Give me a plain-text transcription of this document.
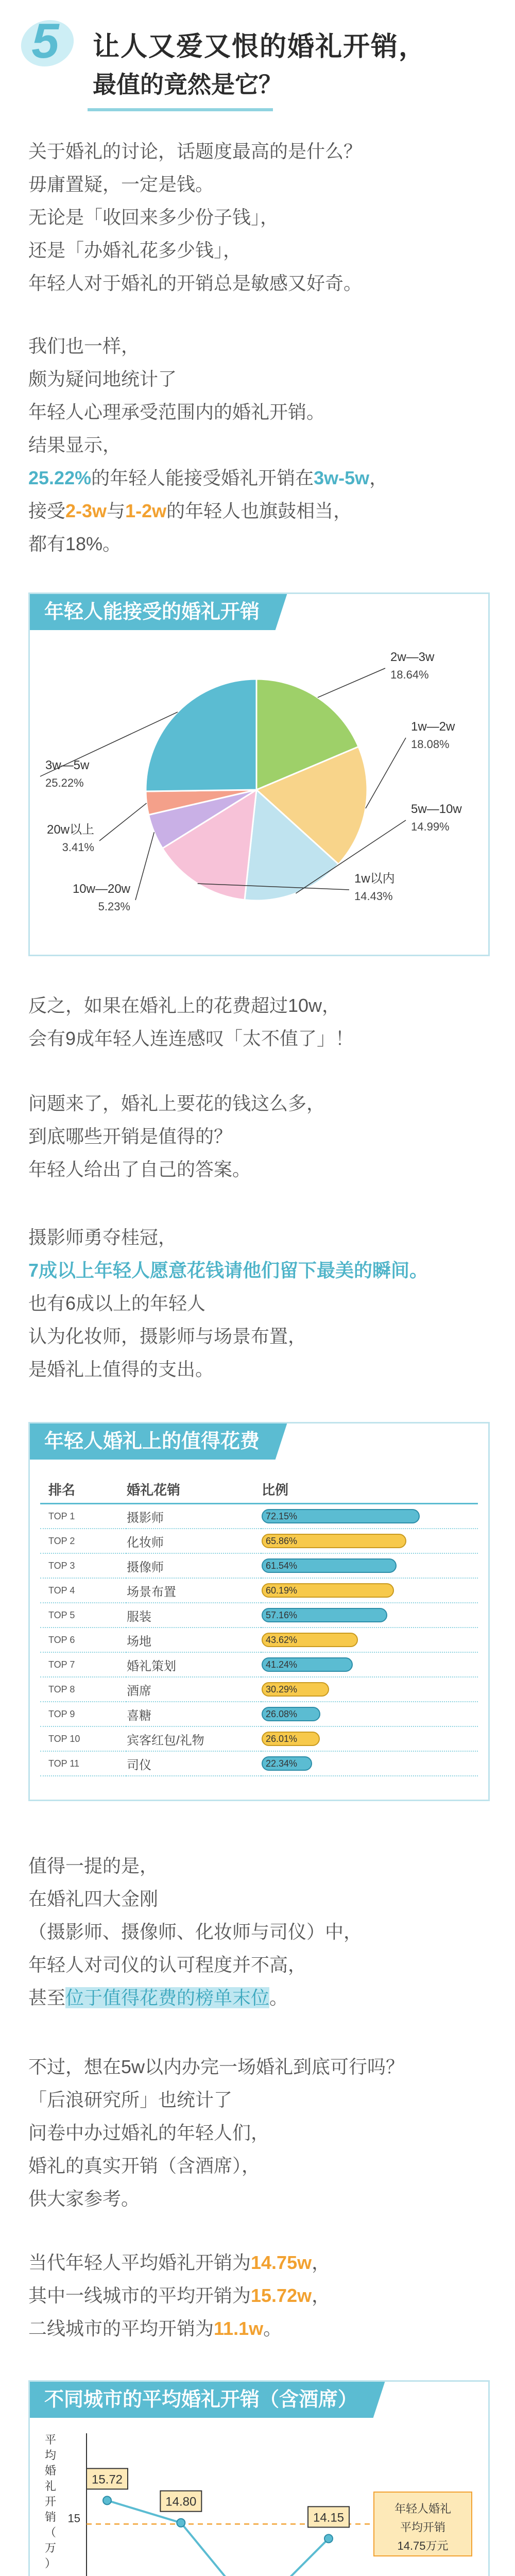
5 让人又爱又恨的婚礼开销，
最值的竟然是它？

关于婚礼的讨论，话题度最高的是什么？

毋庸置疑，一定是钱。

无论是「收回来多少份子钱」，

还是「办婚礼花多少钱」，

年轻人对于婚礼的开销总是敏感又好奇。

我们也一样，

颇为疑问地统计了

年轻人心理承受范围内的婚礼开销。

结果显示，

25.22%的年轻人能接受婚礼开销在3w-5w，

接受2-3w与1-2w的年轻人也旗鼓相当，

都有18%。

年轻人能接受的婚礼开销
2w—3w
18.64%
1w—2w
18.08%
5w—10w
14.99%
1w以内
14.43%
10w—20w
5.23%
20w以上
3.41%
3w—5w
25.22%

反之，如果在婚礼上的花费超过10w，

会有9成年轻人连连感叹「太不值了」！

问题来了，婚礼上要花的钱这么多，

到底哪些开销是值得的？

年轻人给出了自己的答案。

摄影师勇夺桂冠，

7成以上年轻人愿意花钱请他们留下最美的瞬间。

也有6成以上的年轻人

认为化妆师，摄影师与场景布置，

是婚礼上值得的支出。

年轻人婚礼上的值得花费
排名	婚礼花销	比例
TOP 1	摄影师	72.15%

TOP 2	化妆师	65.86%

TOP 3	摄像师	61.54%

TOP 4	场景布置	60.19%

TOP 5	服装	57.16%

TOP 6	场地	43.62%

TOP 7	婚礼策划	41.24%

TOP 8	酒席	30.29%

TOP 9	喜糖	26.08%

TOP 10	宾客红包/礼物	26.01%

TOP 11	司仪	22.34%

值得一提的是，

在婚礼四大金刚

（摄影师、摄像师、化妆师与司仪）中，

年轻人对司仪的认可程度并不高，

甚至位于值得花费的榜单末位。

不过，想在5w以内办完一场婚礼到底可行吗？

「后浪研究所」也统计了

问卷中办过婚礼的年轻人们，

婚礼的真实开销（含酒席），

供大家参考。

当代年轻人平均婚礼开销为14.75w，

其中一线城市的平均开销为15.72w，

二线城市的平均开销为11.1w。

不同城市的平均婚礼开销（含酒席）
平
均
婚
礼
开
销
（
万
）
15
年轻人婚礼
平均开销
14.75万元
15.72
14.80
14.15
